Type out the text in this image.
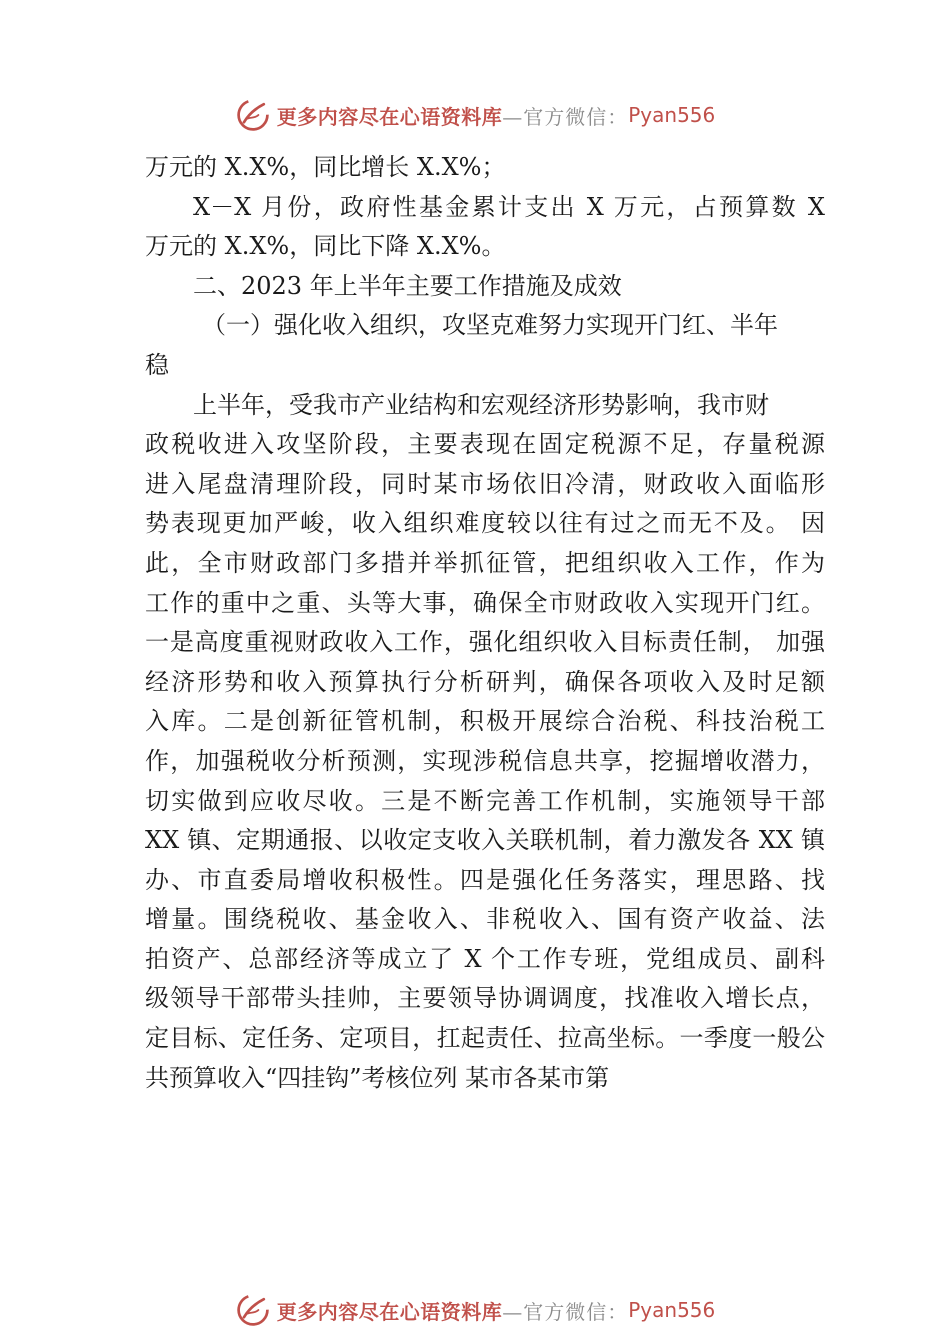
更多内容尽在心语资料库 —官方微信： Pyan556
万元的 X.X%，同比增长 X.X%；
X－X 月份，政府性基金累计支出 X 万元，占预算数 X
万元的 X.X%，同比下降 X.X%。
二、2023 年上半年主要工作措施及成效
（一）强化收入组织，攻坚克难努力实现开门红、半年
稳
上半年，受我市产业结构和宏观经济形势影响，我市财
政税收进入攻坚阶段，主要表现在固定税源不足，存量税源
进入尾盘清理阶段，同时某市场依旧冷清，财政收入面临形
势表现更加严峻，收入组织难度较以往有过之而无不及。 因
此，全市财政部门多措并举抓征管，把组织收入工作，作为
工作的重中之重、头等大事，确保全市财政收入实现开门红。
一是高度重视财政收入工作，强化组织收入目标责任制， 加强
经济形势和收入预算执行分析研判，确保各项收入及时足额
入库。二是创新征管机制，积极开展综合治税、科技治税工
作，加强税收分析预测，实现涉税信息共享，挖掘增收潜力，
切实做到应收尽收。三是不断完善工作机制，实施领导干部
XX 镇、定期通报、以收定支收入关联机制，着力激发各 XX 镇
办、市直委局增收积极性。四是强化任务落实，理思路、找
增量。围绕税收、基金收入、非税收入、国有资产收益、法
拍资产、总部经济等成立了 X 个工作专班，党组成员、副科
级领导干部带头挂帅，主要领导协调调度，找准收入增长点，
定目标、定任务、定项目，扛起责任、拉高坐标。一季度一般公
共预算收入“四挂钩”考核位列 某市各某市第
更多内容尽在心语资料库 —官方微信： Pyan556
